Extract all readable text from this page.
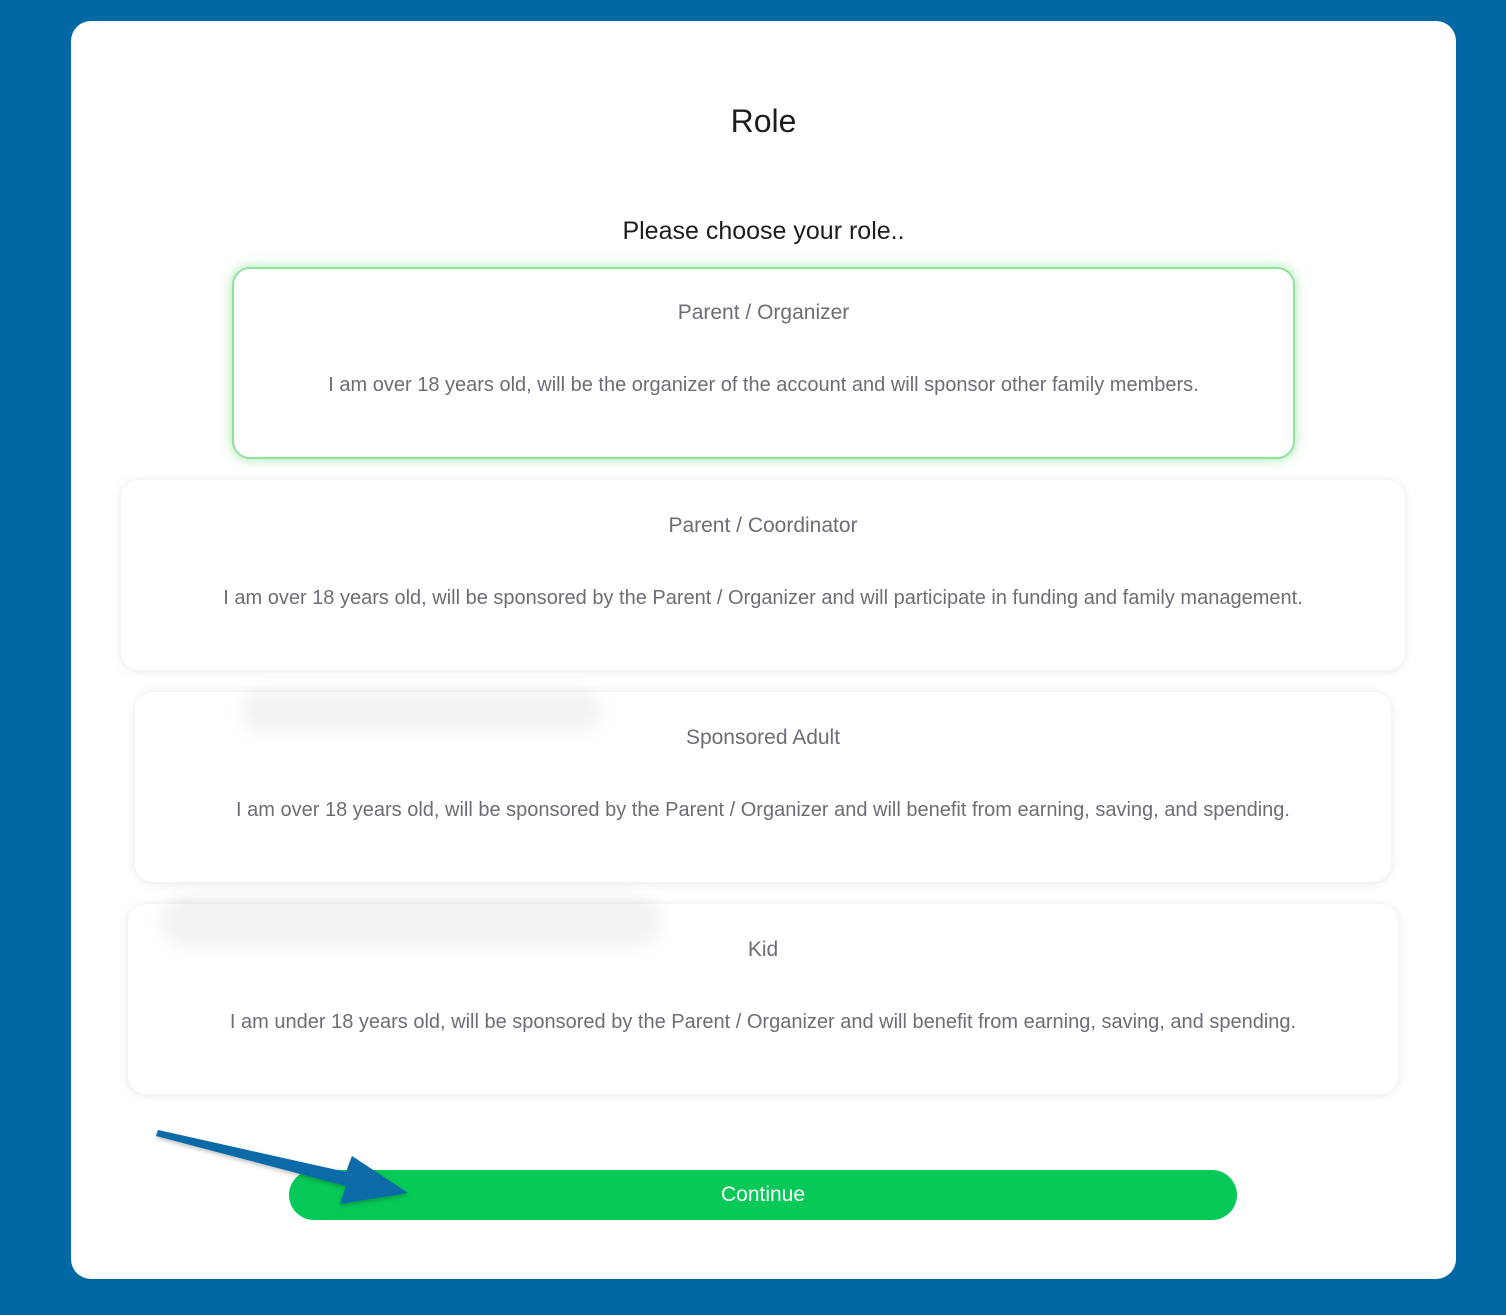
Role
Please choose your role..
Parent / Organizer
I am over 18 years old, will be the organizer of the account and will sponsor other family members.
Parent / Coordinator
I am over 18 years old, will be sponsored by the Parent / Organizer and will participate in funding and family management.
Sponsored Adult
I am over 18 years old, will be sponsored by the Parent / Organizer and will benefit from earning, saving, and spending.
Kid
I am under 18 years old, will be sponsored by the Parent / Organizer and will benefit from earning, saving, and spending.
Continue
